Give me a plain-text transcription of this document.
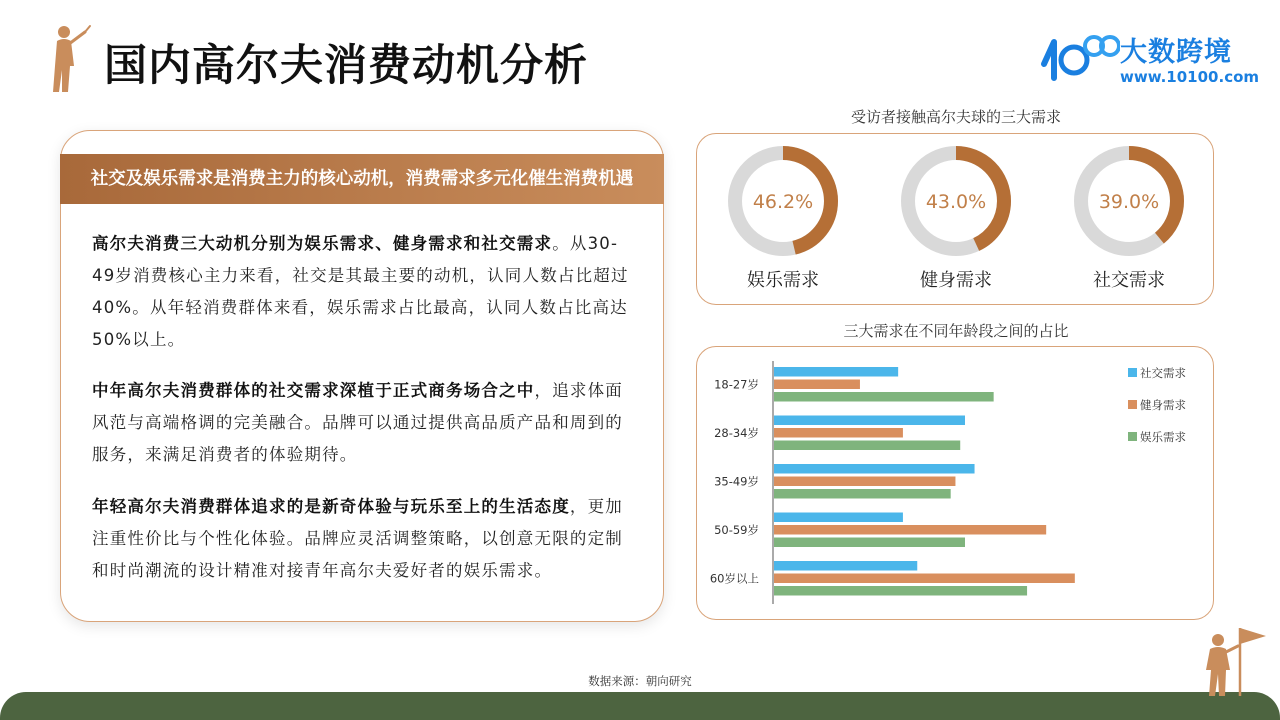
国内高尔夫消费动机分析	大数跨境
www.10100.com
社交及娱乐需求是消费主力的核心动机，消费需求多元化催生消费机遇
高尔夫消费三大动机分别为娱乐需求、健身需求和社交需求。从30-49岁消费核心主力来看，社交是其最主要的动机，认同人数占比超过 40%。从年轻消费群体来看，娱乐需求占比最高，认同人数占比高达 50%以上。
中年高尔夫消费群体的社交需求深植于正式商务场合之中，追求体面风范与高端格调的完美融合。品牌可以通过提供高品质产品和周到的服务，来满足消费者的体验期待。
年轻高尔夫消费群体追求的是新奇体验与玩乐至上的生活态度，更加注重性价比与个性化体验。品牌应灵活调整策略，以创意无限的定制和时尚潮流的设计精准对接青年高尔夫爱好者的娱乐需求。
受访者接触高尔夫球的三大需求
46.2%
娱乐需求
43.0%
健身需求
39.0%
社交需求
三大需求在不同年龄段之间的占比
18-27岁
28-34岁
35-49岁
50-59岁
60岁以上
社交需求
健身需求
娱乐需求
数据来源：朝向研究
